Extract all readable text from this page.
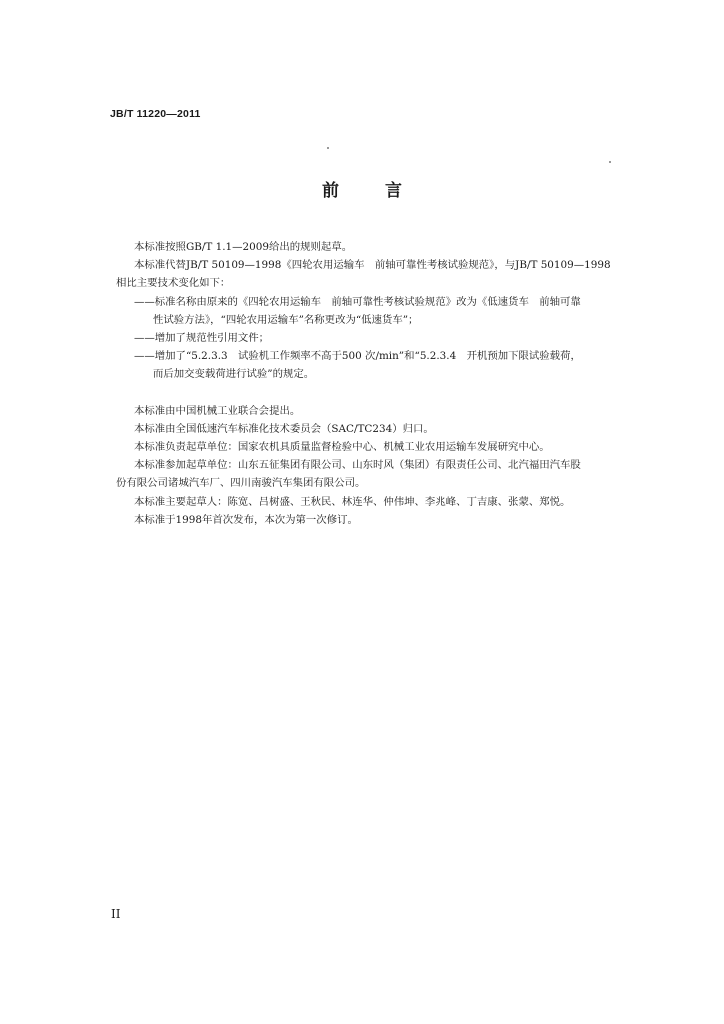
JB/T 11220—2011
前	言

本标准按照GB/T 1.1—2009给出的规则起草。

本标准代替JB/T 50109—1998《四轮农用运输车　前轴可靠性考核试验规范》，与JB/T 50109—1998

相比主要技术变化如下：

——标准名称由原来的《四轮农用运输车　前轴可靠性考核试验规范》改为《低速货车　前轴可靠

性试验方法》，“四轮农用运输车”名称更改为“低速货车”；

——增加了规范性引用文件；

——增加了“5.2.3.3　试验机工作频率不高于500 次/min”和“5.2.3.4　开机预加下限试验载荷，

而后加交变载荷进行试验”的规定。

本标准由中国机械工业联合会提出。

本标准由全国低速汽车标准化技术委员会（SAC/TC234）归口。

本标准负责起草单位：国家农机具质量监督检验中心、机械工业农用运输车发展研究中心。

本标准参加起草单位：山东五征集团有限公司、山东时风（集团）有限责任公司、北汽福田汽车股

份有限公司诸城汽车厂、四川南骏汽车集团有限公司。

本标准主要起草人：陈宽、吕树盛、王秋民、林连华、仲伟坤、李兆峰、丁吉康、张蒙、郑悦。

本标准于1998年首次发布，本次为第一次修订。

II
